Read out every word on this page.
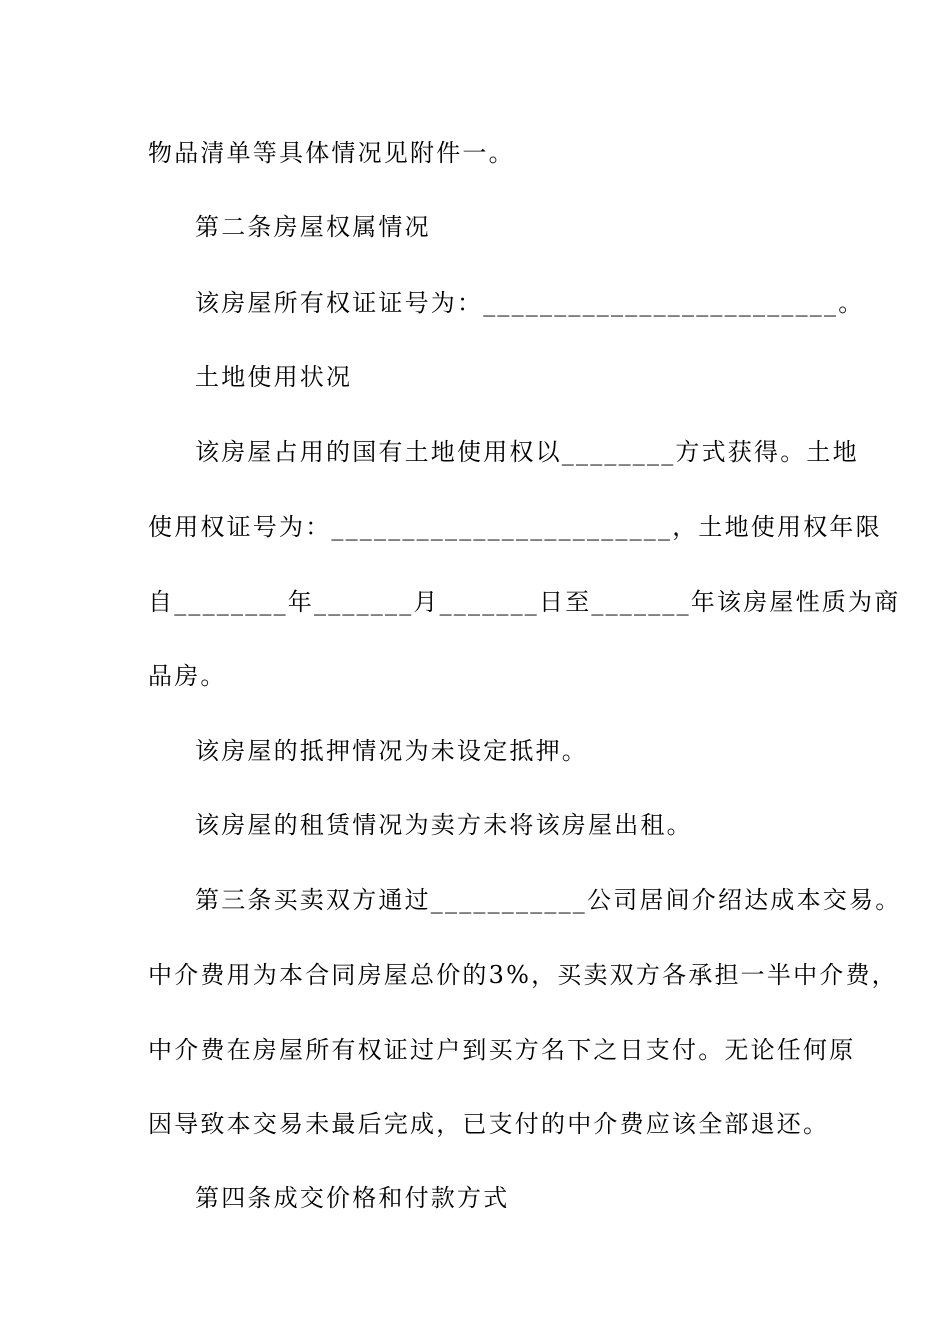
物品清单等具体情况见附件一。
第二条房屋权属情况
该房屋所有权证证号为：_________________________。
土地使用状况
该房屋占用的国有土地使用权以________方式获得。土地
使用权证号为：________________________，土地使用权年限
自________年_______月_______日至_______年该房屋性质为商
品房。
该房屋的抵押情况为未设定抵押。
该房屋的租赁情况为卖方未将该房屋出租。
第三条买卖双方通过___________公司居间介绍达成本交易。
中介费用为本合同房屋总价的3%，买卖双方各承担一半中介费，
中介费在房屋所有权证过户到买方名下之日支付。无论任何原
因导致本交易未最后完成，已支付的中介费应该全部退还。
第四条成交价格和付款方式
